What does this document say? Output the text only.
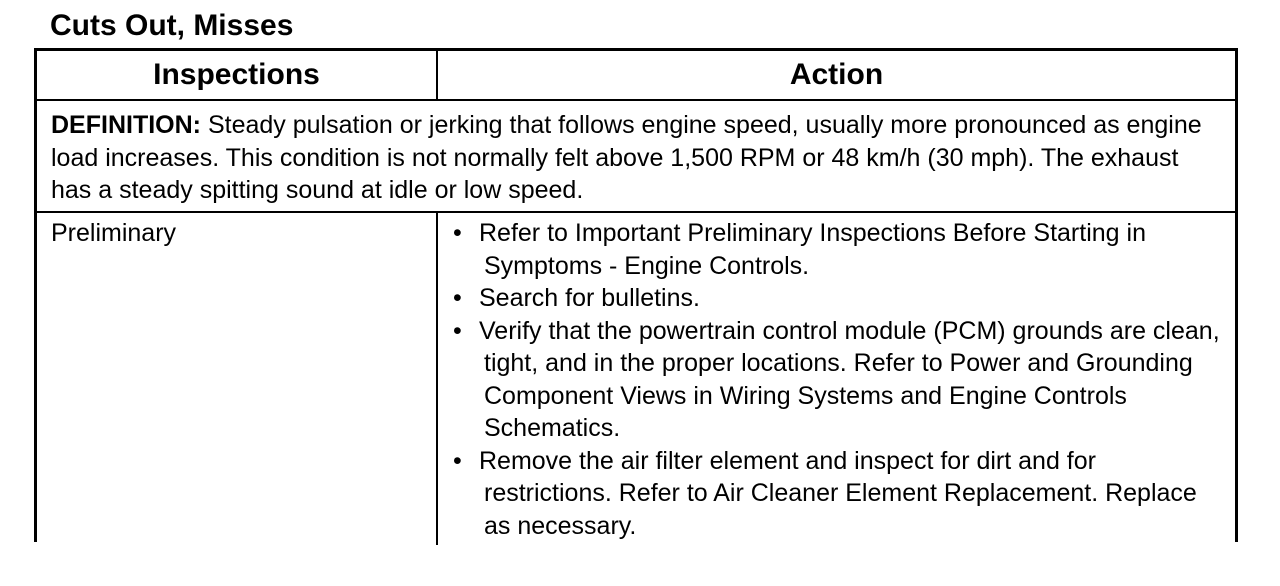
Cuts Out, Misses
Inspections	Action
DEFINITION: Steady pulsation or jerking that follows engine speed, usually more pronounced as engine load increases. This condition is not normally felt above 1,500 RPM or 48 km/h (30 mph). The exhaust has a steady spitting sound at idle or low speed.
Preliminary	• Refer to Important Preliminary Inspections Before Starting in Symptoms - Engine Controls.
• Search for bulletins.
• Verify that the powertrain control module (PCM) grounds are clean, tight, and in the proper locations. Refer to Power and Grounding Component Views in Wiring Systems and Engine Controls Schematics.
• Remove the air filter element and inspect for dirt and for restrictions. Refer to Air Cleaner Element Replacement. Replace as necessary.
